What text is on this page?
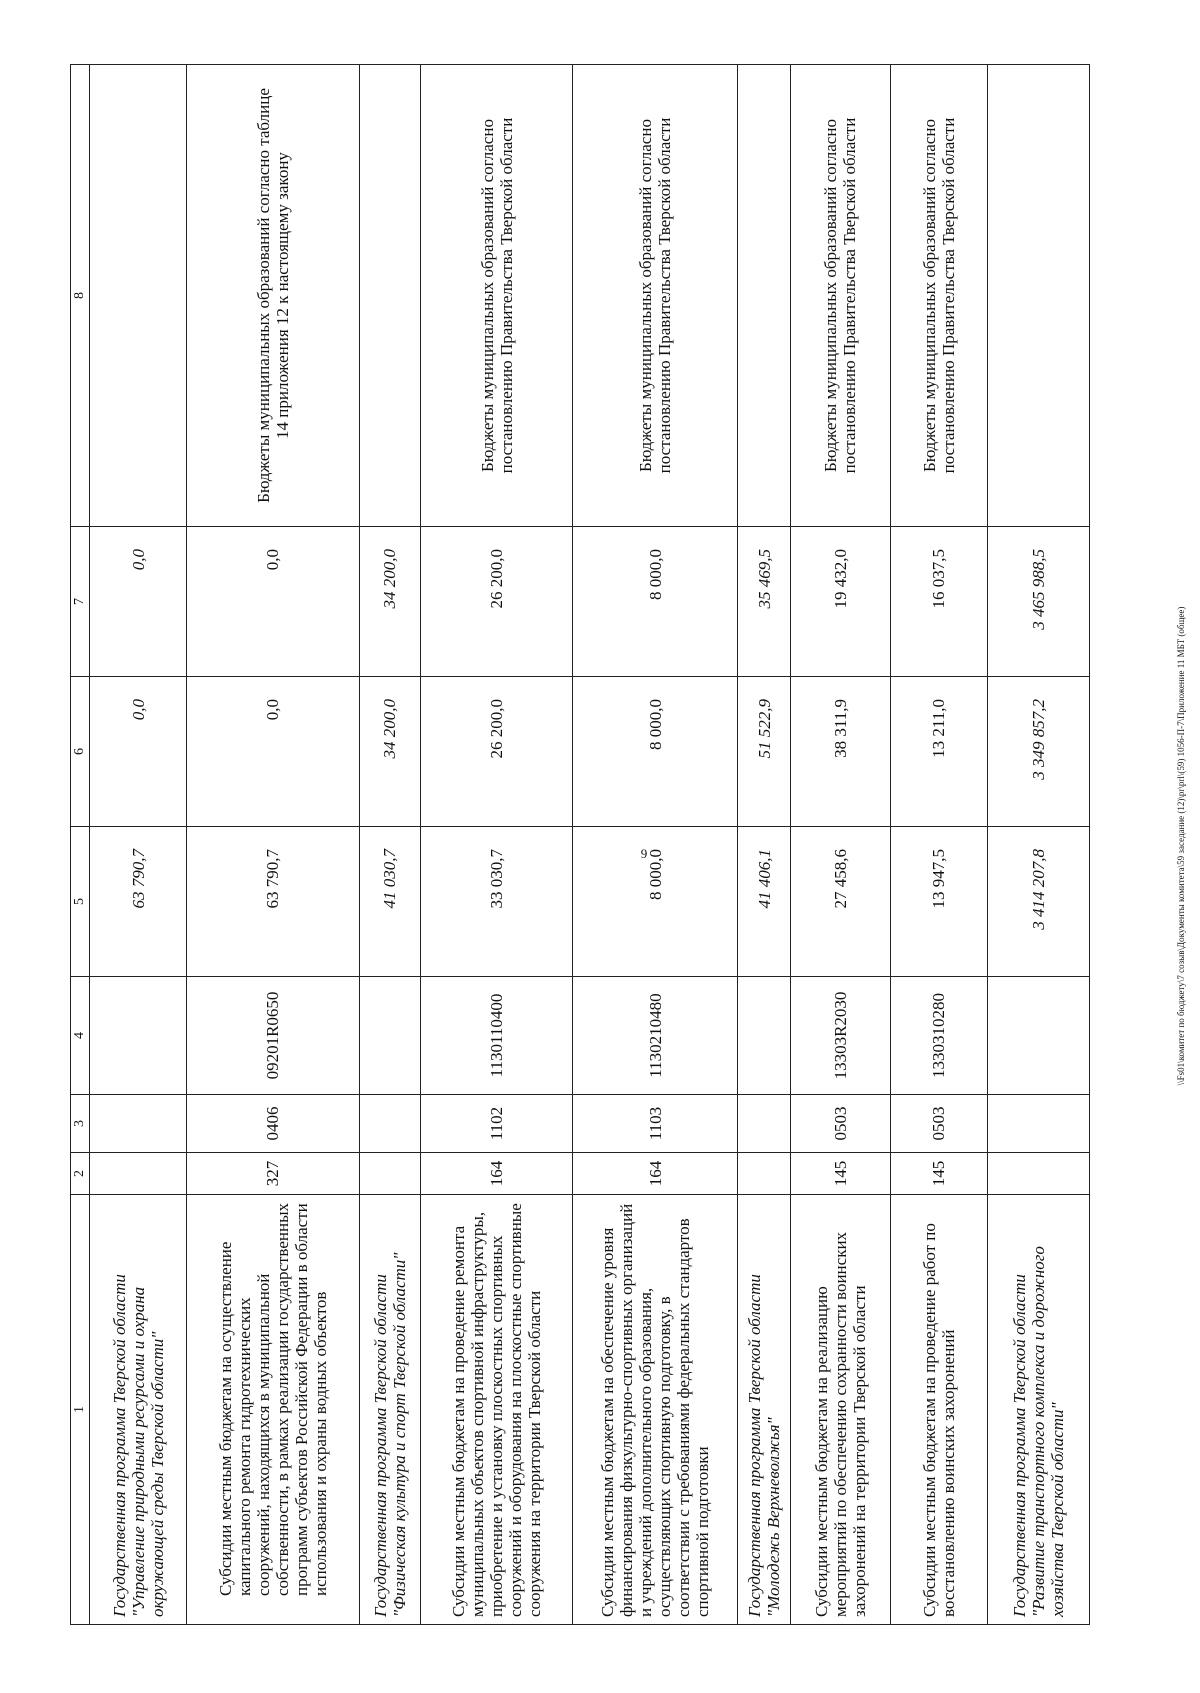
9
1	2	3	4	5	6	7	8
Государственная программа Тверской области "Управление природными ресурсами и охрана окружающей среды Тверской области"				63 790,7	0,0	0,0	
Субсидии местным бюджетам на осуществление капитального ремонта гидротехнических сооружений, находящихся в муниципальной собственности, в рамках реализации государственных программ субъектов Российской Федерации в области использования и охраны водных объектов	327	0406	09201R0650	63 790,7	0,0	0,0	Бюджеты муниципальных образований согласно таблице 14 приложения 12 к настоящему закону
Государственная программа Тверской области "Физическая культура и спорт Тверской области"				41 030,7	34 200,0	34 200,0	
Субсидии местным бюджетам на проведение ремонта муниципальных объектов спортивной инфраструктуры, приобретение и установку плоскостных спортивных сооружений и оборудования на плоскостные спортивные сооружения на территории Тверской области	164	1102	1130110400	33 030,7	26 200,0	26 200,0	Бюджеты муниципальных образований согласно постановлению Правительства Тверской области
Субсидии местным бюджетам на обеспечение уровня финансирования физкультурно-спортивных организаций и учреждений дополнительного образования, осуществляющих спортивную подготовку, в соответствии с требованиями федеральных стандартов спортивной подготовки	164	1103	1130210480	8 000,0	8 000,0	8 000,0	Бюджеты муниципальных образований согласно постановлению Правительства Тверской области
Государственная программа Тверской области "Молодежь Верхневолжья"				41 406,1	51 522,9	35 469,5	
Субсидии местным бюджетам на реализацию мероприятий по обеспечению сохранности воинских захоронений на территории Тверской области	145	0503	13303R2030	27 458,6	38 311,9	19 432,0	Бюджеты муниципальных образований согласно постановлению Правительства Тверской области
Субсидии местным бюджетам на проведение работ по восстановлению воинских захоронений	145	0503	1330310280	13 947,5	13 211,0	16 037,5	Бюджеты муниципальных образований согласно постановлению Правительства Тверской области
Государственная программа Тверской области "Развитие транспортного комплекса и дорожного хозяйства Тверской области"				3 414 207,8	3 349 857,2	3 465 988,5	
\\Fs01\комитет по бюджету\7 созыв\Документы комитета\59 заседание (12)\pr\prl\(59) 1056-П-7\Приложение 11 МБТ (общее)
